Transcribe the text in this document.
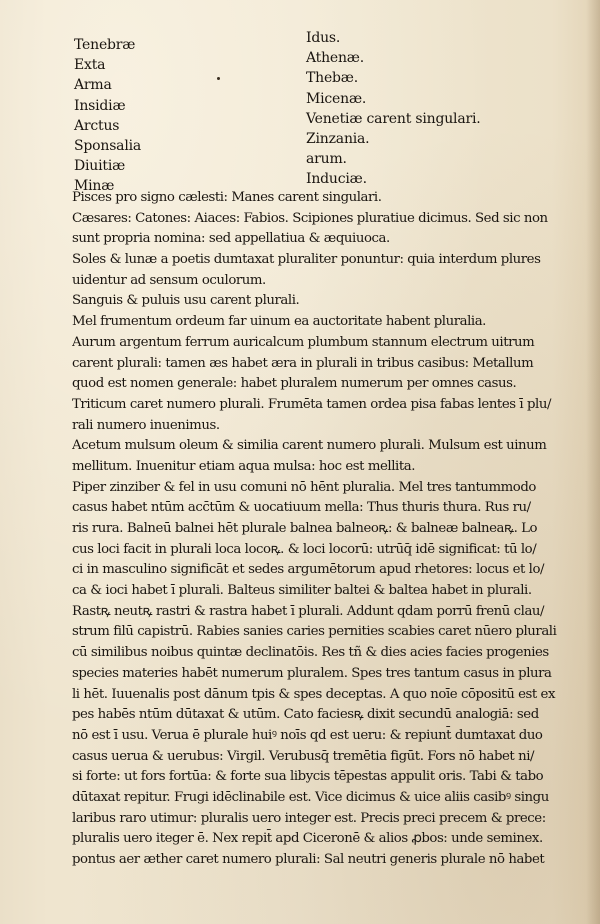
Tenebræ
Exta
Arma
Insidiæ
Arctus
Sponsalia
Diuitiæ
Minæ
Idus.
Athenæ.
Thebæ.
Micenæ.
Venetiæ carent singulari.
Zinzania.
arum.
Induciæ.
Pisces pro signo cælesti: Manes carent singulari.
Cæsares: Catones: Aiaces: Fabios. Scipiones pluratiue dicimus. Sed sic non
sunt propria nomina: sed appellatiua & æquiuoca.
Soles & lunæ a poetis dumtaxat pluraliter ponuntur: quia interdum plures
uidentur ad sensum oculorum.
Sanguis & puluis usu carent plurali.
Mel frumentum ordeum far uinum ea auctoritate habent pluralia.
Aurum argentum ferrum auricalcum plumbum stannum electrum uitrum
carent plurali: tamen æs habet æra in plurali in tribus casibus: Metallum
quod est nomen generale: habet pluralem numerum per omnes casus.
Triticum caret numero plurali. Frumēta tamen ordea pisa fabas lentes ī plu/
rali numero inuenimus.
Acetum mulsum oleum & similia carent numero plurali. Mulsum est uinum
mellitum. Inuenitur etiam aqua mulsa: hoc est mellita.
Piper zinziber & fel in usu comuni nō hēnt pluralia. Mel tres tantummodo
casus habet ntūm acc̄tūm & uocatiuum mella: Thus thuris thura. Rus ru/
ris rura. Balneū balnei hēt plurale balnea balneoꝶ: & balneæ balneaꝶ. Lo
cus loci facit in plurali loca locoꝶ. & loci locorū: utrūq̄ idē significat: tū lo/
ci in masculino significāt et sedes argumētorum apud rhetores: locus et lo/
ca & ioci habet ī plurali. Balteus similiter baltei & baltea habet in plurali.
Rastꝶ neutꝶ rastri & rastra habet ī plurali. Addunt qdam porrū frenū clau/
strum filū capistrū. Rabies sanies caries pernities scabies caret nūero plurali
cū similibus noibus quintæ declinatōis. Res tñ & dies acies facies progenies
species materies habēt numerum pluralem. Spes tres tantum casus in plura
li hēt. Iuuenalis post dānum tpis & spes deceptas. A quo noīe cōpositū est ex
pes habēs ntūm dūtaxat & utūm. Cato faciesꝶ dixit secundū analogiā: sed
nō est ī usu. Verua ē plurale huiꝰ noīs qd est ueru: & repiunt̄ dumtaxat duo
casus uerua & uerubus: Virgil. Verubusq̄ tremētia figūt. Fors nō habet ni/
si forte: ut fors fortūa: & forte sua libycis tēpestas appulit oris. Tabi & tabo
dūtaxat repitur. Frugi idēclinabile est. Vice dicimus & uice aliis casibꝰ singu
laribus raro utimur: pluralis uero integer est. Precis preci precem & prece:
pluralis uero iteger ē. Nex repit̄ apd Ciceronē & alios ꝓbos: unde seminex.
pontus aer æther caret numero plurali: Sal neutri generis plurale nō habet
